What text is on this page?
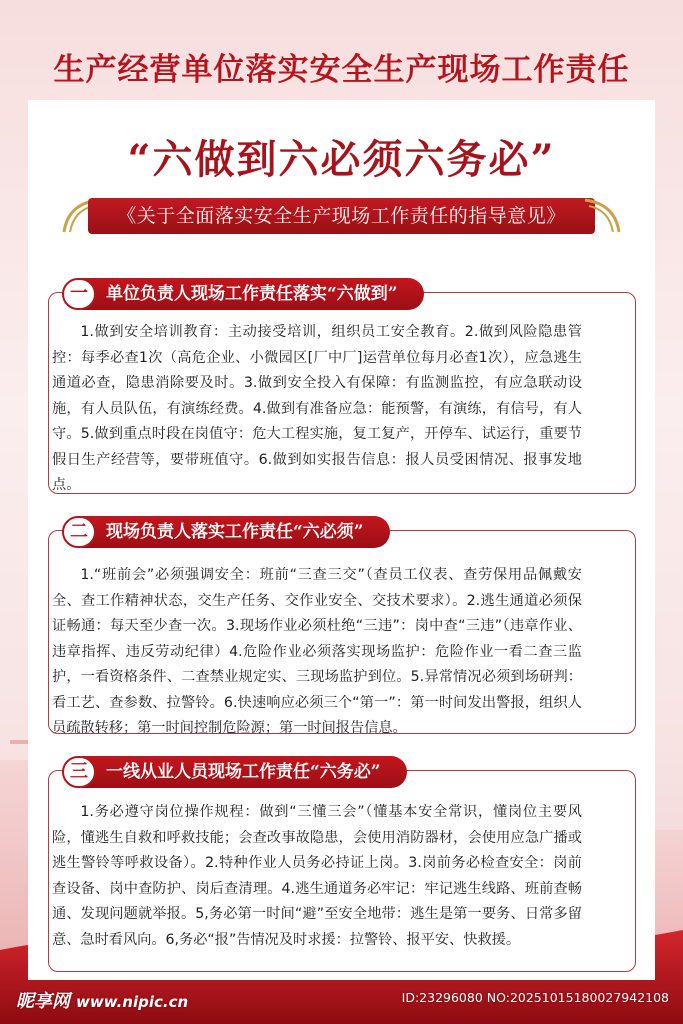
生产经营单位落实安全生产现场工作责任
“六做到六必须六务必”
《关于全面落实安全生产现场工作责任的指导意见》
一	单位负责人现场工作责任落实“六做到”
1.做到安全培训教育：主动接受培训，组织员工安全教育。2.做到风险隐患管控：每季必查1次（高危企业、小微园区[厂中厂]运营单位每月必查1次），应急逃生通道必查，隐患消除要及时。3.做到安全投入有保障：有监测监控，有应急联动设施，有人员队伍，有演练经费。4.做到有准备应急：能预警，有演练，有信号，有人守。5.做到重点时段在岗值守：危大工程实施，复工复产，开停车、试运行，重要节假日生产经营等，要带班值守。6.做到如实报告信息：报人员受困情况、报事发地点。
二	现场负责人落实工作责任“六必须”
1.“班前会”必须强调安全：班前“三查三交”（查员工仪表、查劳保用品佩戴安全、查工作精神状态，交生产任务、交作业安全、交技术要求）。2.逃生通道必须保证畅通：每天至少查一次。3.现场作业必须杜绝“三违”：岗中查“三违”（违章作业、违章指挥、违反劳动纪律）4.危险作业必须落实现场监护：危险作业一看二查三监护，一看资格条件、二查禁业规定实、三现场监护到位。5.异常情况必须到场研判：看工艺、查参数、拉警铃。6.快速响应必须三个“第一”：第一时间发出警报，组织人员疏散转移；第一时间控制危险源；第一时间报告信息。
三	一线从业人员现场工作责任“六务必”
1.务必遵守岗位操作规程：做到“三懂三会”（懂基本安全常识，懂岗位主要风险，懂逃生自救和呼救技能；会查改事故隐患，会使用消防器材，会使用应急广播或逃生警铃等呼救设备）。2.特种作业人员务必持证上岗。3.岗前务必检查安全：岗前查设备、岗中查防护、岗后查清理。4.逃生通道务必牢记：牢记逃生线路、班前查畅通、发现问题就举报。5,务必第一时间“避”至安全地带：逃生是第一要务、日常多留意、急时看风向。6,务必“报”告情况及时求援：拉警铃、报平安、快救援。
昵享网 www.nipic.cn	ID:23296080 NO:20251015180027942108
